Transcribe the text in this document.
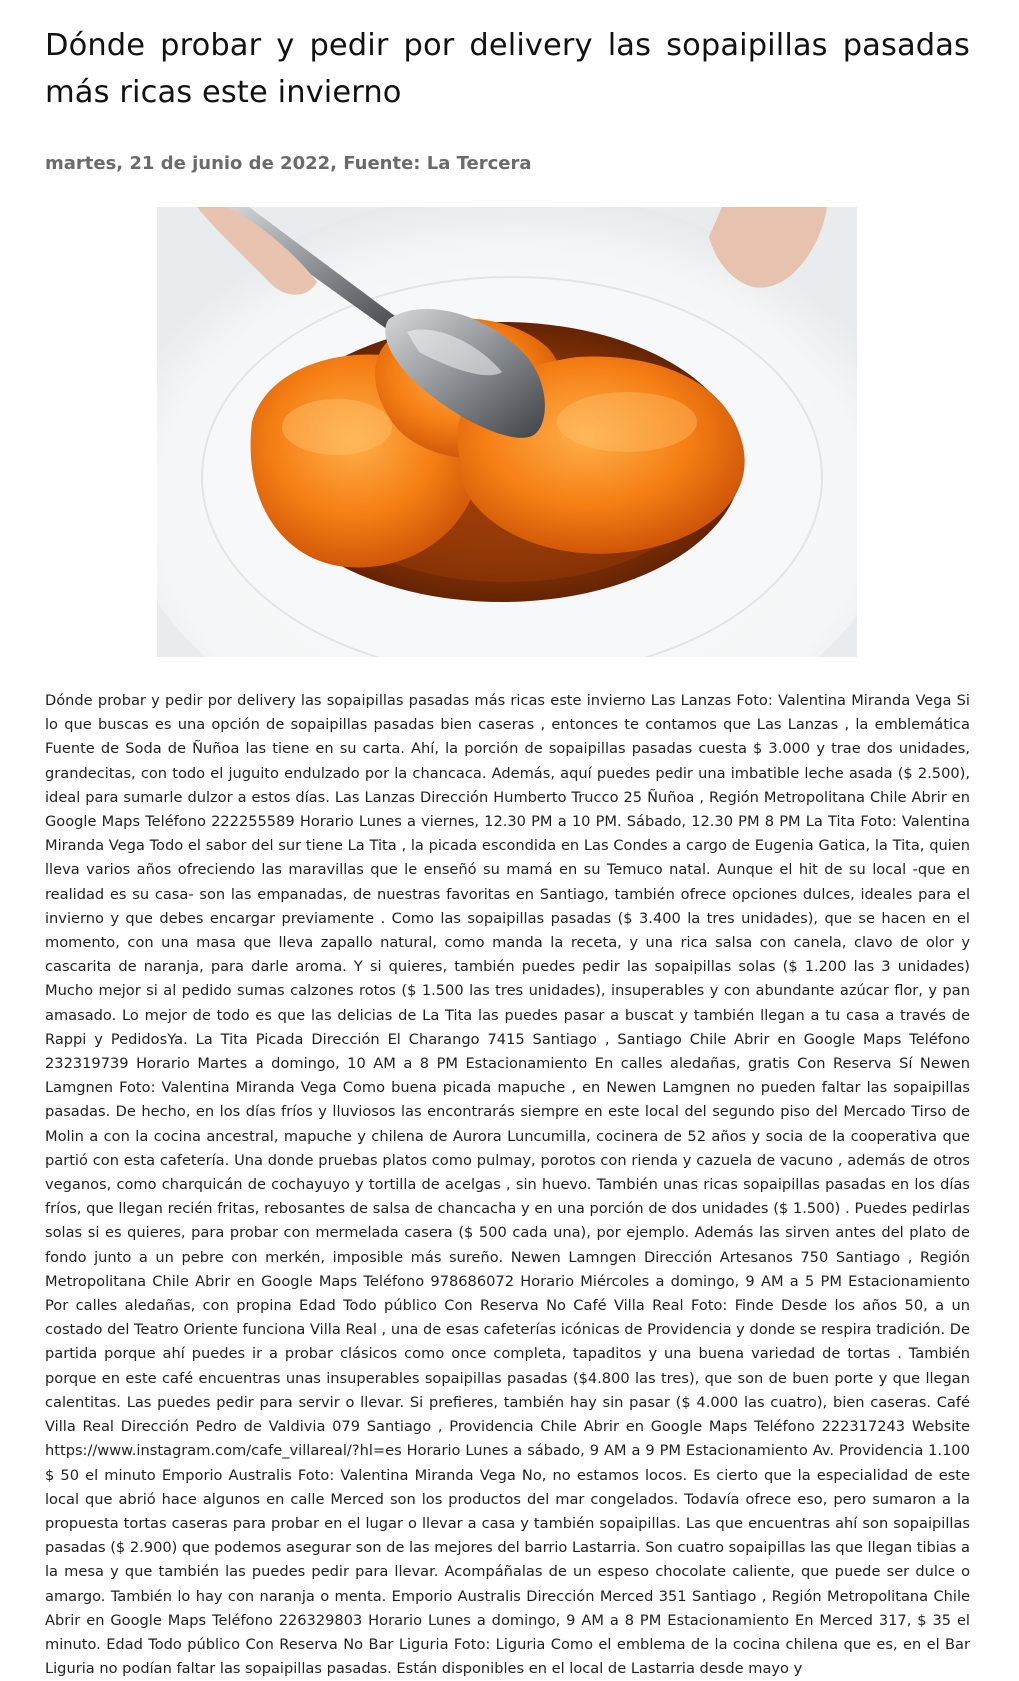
Dónde probar y pedir por delivery las sopaipillas pasadas más ricas este invierno
martes, 21 de junio de 2022, Fuente: La Tercera

Dónde probar y pedir por delivery las sopaipillas pasadas más ricas este invierno Las Lanzas Foto: Valentina Miranda Vega Si lo que buscas es una opción de sopaipillas pasadas bien caseras , entonces te contamos que Las Lanzas , la emblemática Fuente de Soda de Ñuñoa las tiene en su carta. Ahí, la porción de sopaipillas pasadas cuesta $ 3.000 y trae dos unidades, grandecitas, con todo el juguito endulzado por la chancaca. Además, aquí puedes pedir una imbatible leche asada ($ 2.500), ideal para sumarle dulzor a estos días. Las Lanzas Dirección Humberto Trucco 25 Ñuñoa , Región Metropolitana Chile Abrir en Google Maps Teléfono 222255589 Horario Lunes a viernes, 12.30 PM a 10 PM. Sábado, 12.30 PM 8 PM La Tita Foto: Valentina Miranda Vega Todo el sabor del sur tiene La Tita , la picada escondida en Las Condes a cargo de Eugenia Gatica, la Tita, quien lleva varios años ofreciendo las maravillas que le enseñó su mamá en su Temuco natal. Aunque el hit de su local -que en realidad es su casa- son las empanadas, de nuestras favoritas en Santiago, también ofrece opciones dulces, ideales para el invierno y que debes encargar previamente . Como las sopaipillas pasadas ($ 3.400 la tres unidades), que se hacen en el momento, con una masa que lleva zapallo natural, como manda la receta, y una rica salsa con canela, clavo de olor y cascarita de naranja, para darle aroma. Y si quieres, también puedes pedir las sopaipillas solas ($ 1.200 las 3 unidades) Mucho mejor si al pedido sumas calzones rotos ($ 1.500 las tres unidades), insuperables y con abundante azúcar flor, y pan amasado. Lo mejor de todo es que las delicias de La Tita las puedes pasar a buscat y también llegan a tu casa a través de Rappi y PedidosYa. La Tita Picada Dirección El Charango 7415 Santiago , Santiago Chile Abrir en Google Maps Teléfono 232319739 Horario Martes a domingo, 10 AM a 8 PM Estacionamiento En calles aledañas, gratis Con Reserva Sí Newen Lamgnen Foto: Valentina Miranda Vega Como buena picada mapuche , en Newen Lamgnen no pueden faltar las sopaipillas pasadas. De hecho, en los días fríos y lluviosos las encontrarás siempre en este local del segundo piso del Mercado Tirso de Molin a con la cocina ancestral, mapuche y chilena de Aurora Luncumilla, cocinera de 52 años y socia de la cooperativa que partió con esta cafetería. Una donde pruebas platos como pulmay, porotos con rienda y cazuela de vacuno , además de otros veganos, como charquicán de cochayuyo y tortilla de acelgas , sin huevo. También unas ricas sopaipillas pasadas en los días fríos, que llegan recién fritas, rebosantes de salsa de chancacha y en una porción de dos unidades ($ 1.500) . Puedes pedirlas solas si es quieres, para probar con mermelada casera ($ 500 cada una), por ejemplo. Además las sirven antes del plato de fondo junto a un pebre con merkén, imposible más sureño. Newen Lamngen Dirección Artesanos 750 Santiago , Región Metropolitana Chile Abrir en Google Maps Teléfono 978686072 Horario Miércoles a domingo, 9 AM a 5 PM Estacionamiento Por calles aledañas, con propina Edad Todo público Con Reserva No Café Villa Real Foto: Finde Desde los años 50, a un costado del Teatro Oriente funciona Villa Real , una de esas cafeterías icónicas de Providencia y donde se respira tradición. De partida porque ahí puedes ir a probar clásicos como once completa, tapaditos y una buena variedad de tortas . También porque en este café encuentras unas insuperables sopaipillas pasadas ($4.800 las tres), que son de buen porte y que llegan calentitas. Las puedes pedir para servir o llevar. Si prefieres, también hay sin pasar ($ 4.000 las cuatro), bien caseras. Café Villa Real Dirección Pedro de Valdivia 079 Santiago , Providencia Chile Abrir en Google Maps Teléfono 222317243 Website https://www.instagram.com/cafe_villareal/?hl=es Horario Lunes a sábado, 9 AM a 9 PM Estacionamiento Av. Providencia 1.100 $ 50 el minuto Emporio Australis Foto: Valentina Miranda Vega No, no estamos locos. Es cierto que la especialidad de este local que abrió hace algunos en calle Merced son los productos del mar congelados. Todavía ofrece eso, pero sumaron a la propuesta tortas caseras para probar en el lugar o llevar a casa y también sopaipillas. Las que encuentras ahí son sopaipillas pasadas ($ 2.900) que podemos asegurar son de las mejores del barrio Lastarria. Son cuatro sopaipillas las que llegan tibias a la mesa y que también las puedes pedir para llevar. Acompáñalas de un espeso chocolate caliente, que puede ser dulce o amargo. También lo hay con naranja o menta. Emporio Australis Dirección Merced 351 Santiago , Región Metropolitana Chile Abrir en Google Maps Teléfono 226329803 Horario Lunes a domingo, 9 AM a 8 PM Estacionamiento En Merced 317, $ 35 el minuto. Edad Todo público Con Reserva No Bar Liguria Foto: Liguria Como el emblema de la cocina chilena que es, en el Bar Liguria no podían faltar las sopaipillas pasadas. Están disponibles en el local de Lastarria desde mayo y
